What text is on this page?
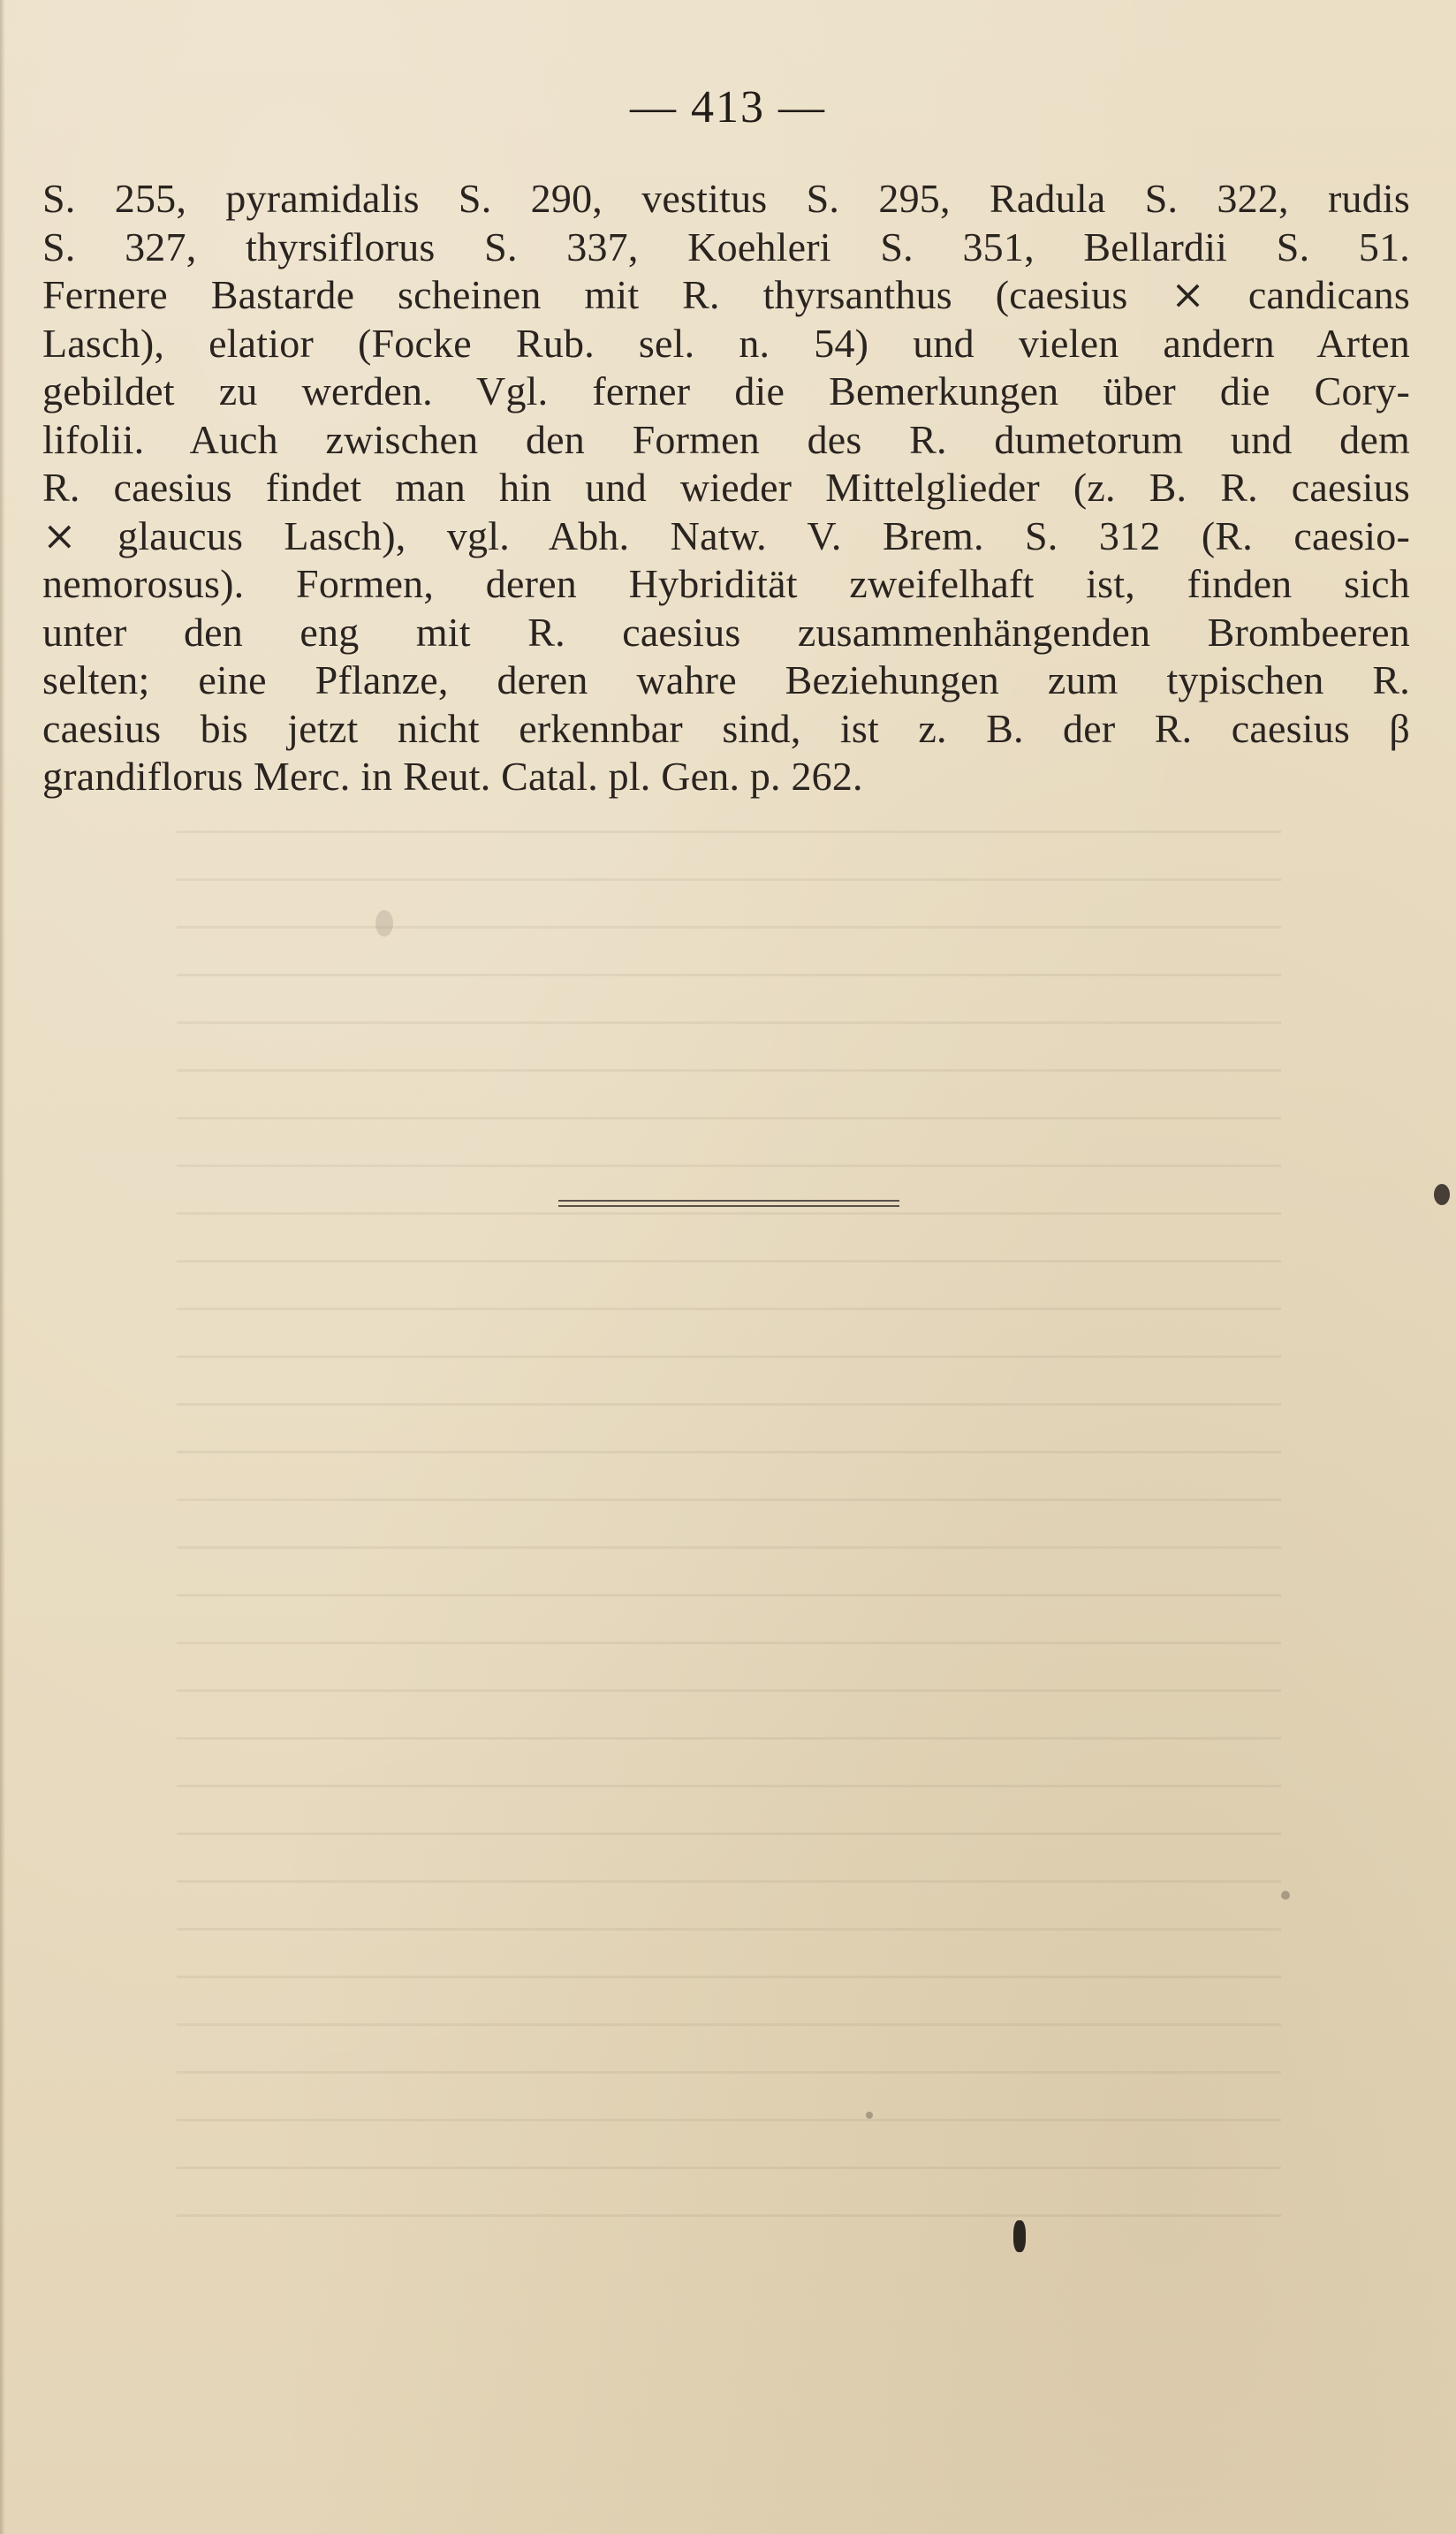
— 413 —
S. 255, pyramidalis S. 290, vestitus S. 295, Radula S. 322, rudis
S. 327, thyrsiflorus S. 337, Koehleri S. 351, Bellardii S. 51.
Fernere Bastarde scheinen mit R. thyrsanthus (caesius ⨯ candicans
Lasch), elatior (Focke Rub. sel. n. 54) und vielen andern Arten
gebildet zu werden. Vgl. ferner die Bemerkungen über die Cory-
lifolii. Auch zwischen den Formen des R. dumetorum und dem
R. caesius findet man hin und wieder Mittelglieder (z. B. R. caesius
⨯ glaucus Lasch), vgl. Abh. Natw. V. Brem. S. 312 (R. caesio-
nemorosus). Formen, deren Hybridität zweifelhaft ist, finden sich
unter den eng mit R. caesius zusammenhängenden Brombeeren
selten; eine Pflanze, deren wahre Beziehungen zum typischen R.
caesius bis jetzt nicht erkennbar sind, ist z. B. der R. caesius β
grandiflorus Merc. in Reut. Catal. pl. Gen. p. 262.
